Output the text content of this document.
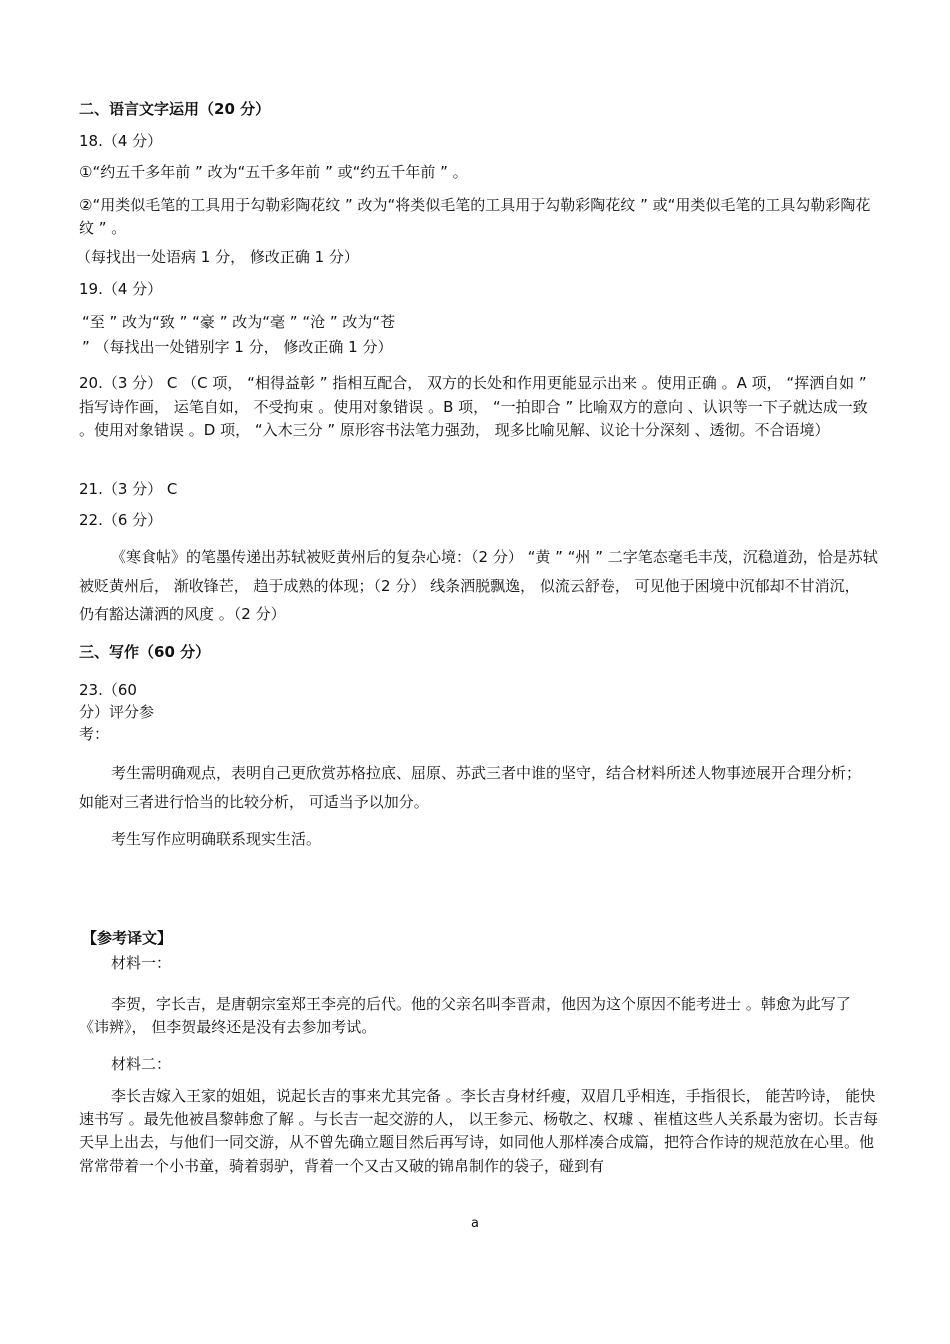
二、语言文字运用（20 分）
18.（4 分）
①“约五千多年前 ” 改为“五千多年前 ” 或“约五千年前 ” 。
②“用类似毛笔的工具用于勾勒彩陶花纹 ” 改为“将类似毛笔的工具用于勾勒彩陶花纹 ” 或“用类似毛笔的工具勾勒彩陶花纹 ” 。
（每找出一处语病 1 分， 修改正确 1 分）
19.（4 分）
“至 ” 改为“致 ” “豪 ” 改为“毫 ” “沧 ” 改为“苍
” （每找出一处错别字 1 分， 修改正确 1 分）
20.（3 分） C （C 项， “相得益彰 ” 指相互配合， 双方的长处和作用更能显示出来 。使用正确 。A 项， “挥洒自如 ” 指写诗作画， 运笔自如， 不受拘束 。使用对象错误 。B 项， “一拍即合 ” 比喻双方的意向 、认识等一下子就达成一致 。使用对象错误 。D 项， “入木三分 ” 原形容书法笔力强劲， 现多比喻见解、议论十分深刻 、透彻。不合语境）
21.（3 分） C
22.（6 分）
《寒食帖》的笔墨传递出苏轼被贬黄州后的复杂心境：（2 分） “黄 ” “州 ” 二字笔态毫毛丰茂，沉稳道劲，恰是苏轼被贬黄州后， 渐收锋芒， 趋于成熟的体现；（2 分） 线条洒脱飘逸， 似流云舒卷， 可见他于困境中沉郁却不甘消沉， 仍有豁达潇洒的风度 。（2 分）
三、写作（60 分）
23.（60
分）评分参
考：
考生需明确观点，表明自己更欣赏苏格拉底、屈原、苏武三者中谁的坚守，结合材料所述人物事迹展开合理分析； 如能对三者进行恰当的比较分析， 可适当予以加分。
考生写作应明确联系现实生活。
【参考译文】
材料一：
李贺，字长吉，是唐朝宗室郑王李亮的后代。他的父亲名叫李晋肃，他因为这个原因不能考进士 。韩愈为此写了《讳辨》， 但李贺最终还是没有去参加考试。
材料二：
李长吉嫁入王家的姐姐，说起长吉的事来尤其完备 。李长吉身材纤瘦，双眉几乎相连，手指很长， 能苦吟诗， 能快速书写 。最先他被昌黎韩愈了解 。与长吉一起交游的人， 以王参元、杨敬之、权璩 、崔植这些人关系最为密切。长吉每天早上出去，与他们一同交游，从不曾先确立题目然后再写诗，如同他人那样凑合成篇，把符合作诗的规范放在心里。他常常带着一个小书童，骑着弱驴，背着一个又古又破的锦帛制作的袋子，碰到有
a
